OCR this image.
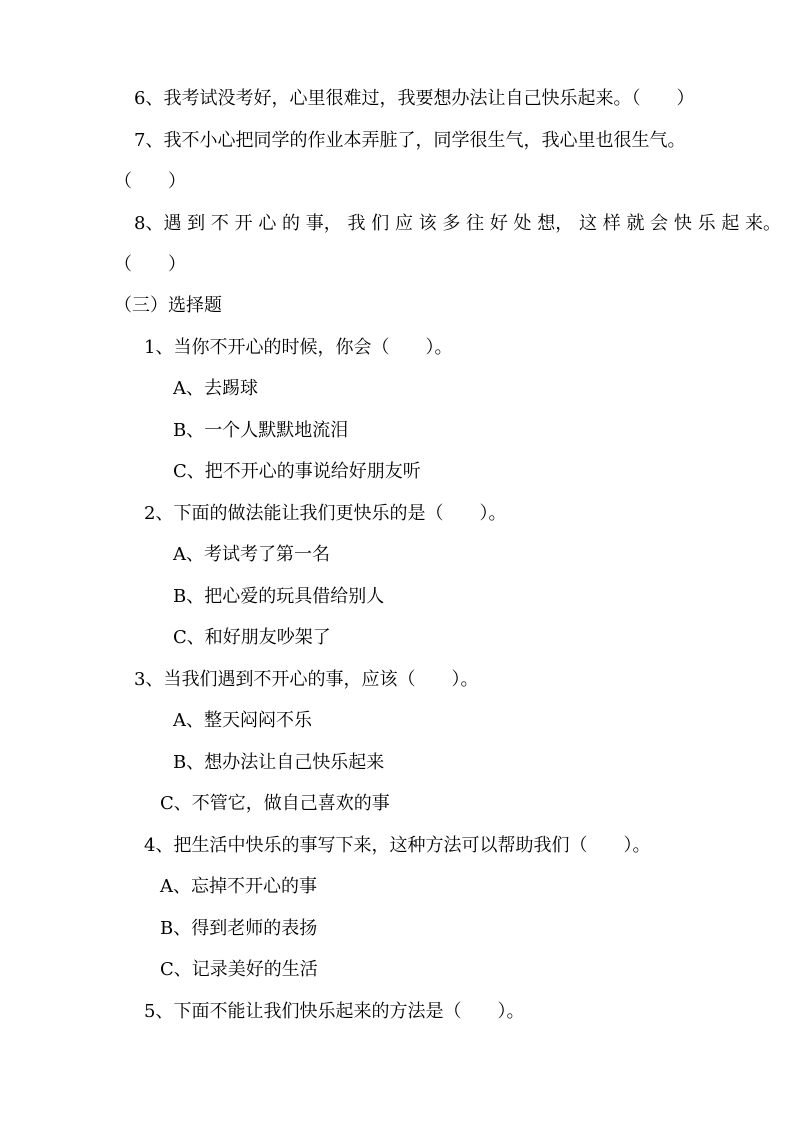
6、我考试没考好，心里很难过，我要想办法让自己快乐起来。（　　）
7、我不小心把同学的作业本弄脏了，同学很生气，我心里也很生气。
（　　）
8、遇 到 不 开 心 的 事， 我 们 应 该 多 往 好 处 想， 这 样 就 会 快 乐 起 来。
（　　）
（三）选择题
1、当你不开心的时候，你会（　　）。
A、去踢球
B、一个人默默地流泪
C、把不开心的事说给好朋友听
2、下面的做法能让我们更快乐的是（　　）。
A、考试考了第一名
B、把心爱的玩具借给别人
C、和好朋友吵架了
3、当我们遇到不开心的事，应该（　　）。
A、整天闷闷不乐
B、想办法让自己快乐起来
C、不管它，做自己喜欢的事
4、把生活中快乐的事写下来，这种方法可以帮助我们（　　）。
A、忘掉不开心的事
B、得到老师的表扬
C、记录美好的生活
5、下面不能让我们快乐起来的方法是（　　）。
